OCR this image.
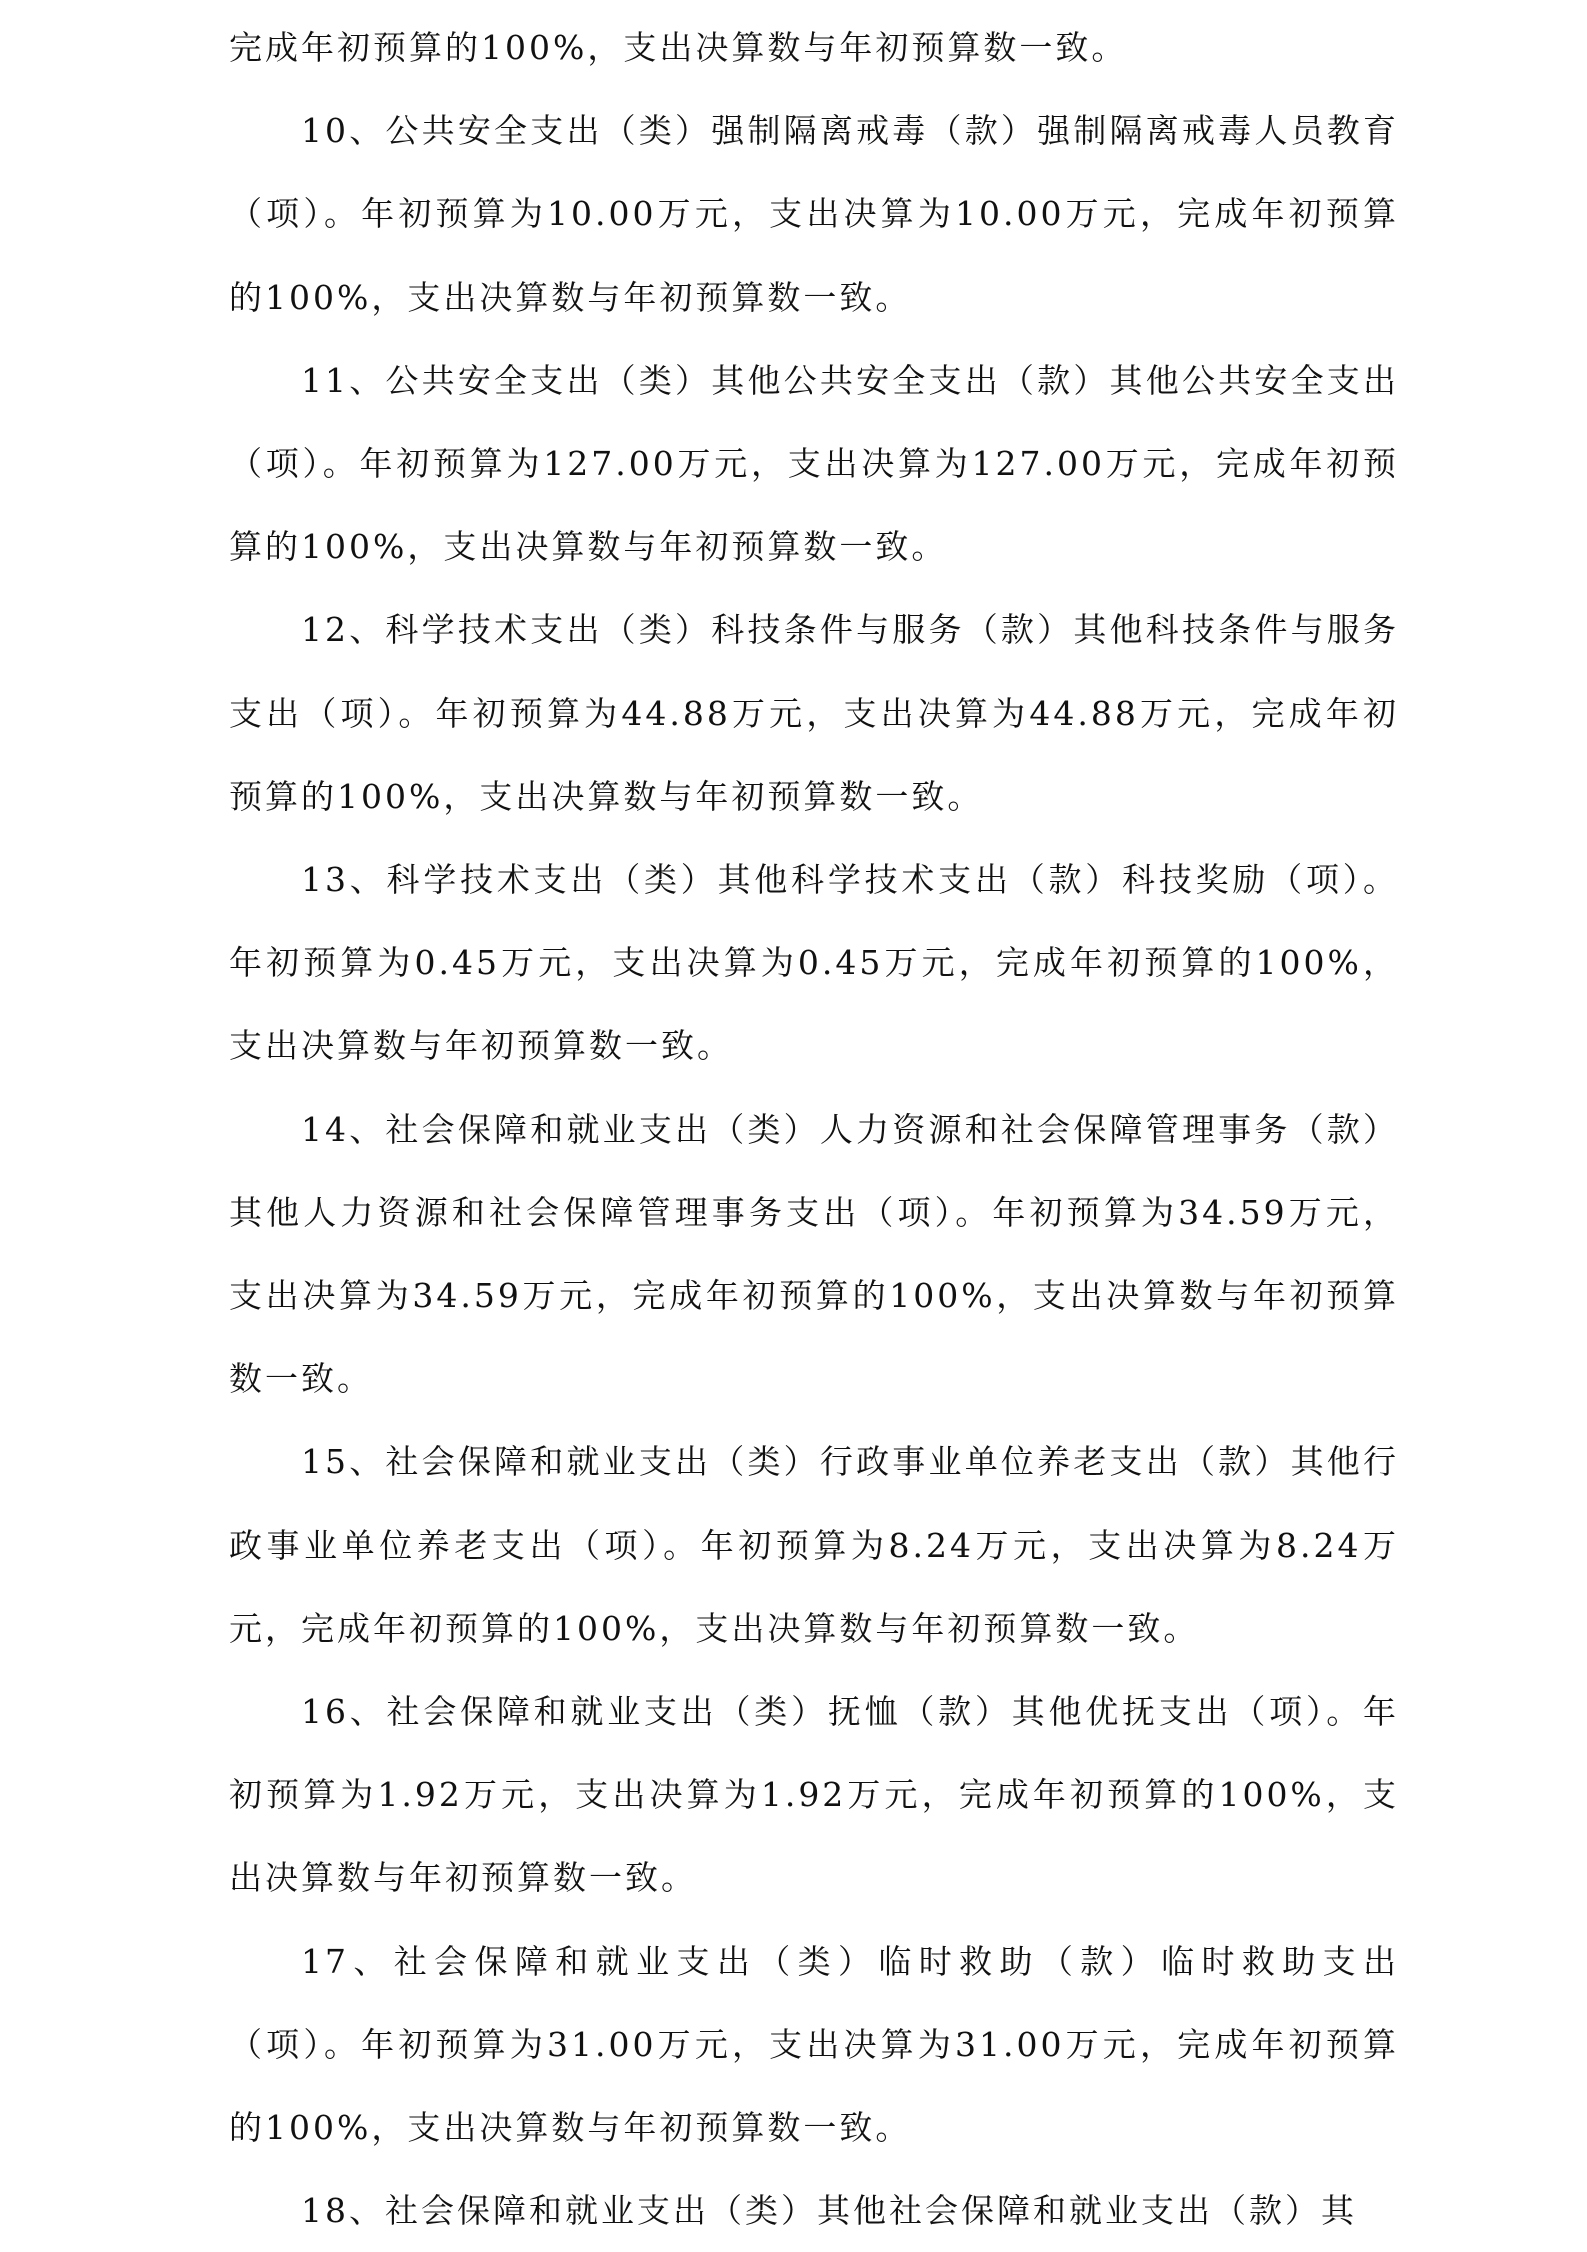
完成年初预算的100%，支出决算数与年初预算数一致。

10、公共安全支出（类）强制隔离戒毒（款）强制隔离戒毒人员教育（项）。年初预算为10.00万元，支出决算为10.00万元，完成年初预算的100%，支出决算数与年初预算数一致。

11、公共安全支出（类）其他公共安全支出（款）其他公共安全支出（项）。年初预算为127.00万元，支出决算为127.00万元，完成年初预算的100%，支出决算数与年初预算数一致。

12、科学技术支出（类）科技条件与服务（款）其他科技条件与服务支出（项）。年初预算为44.88万元，支出决算为44.88万元，完成年初预算的100%，支出决算数与年初预算数一致。

13、科学技术支出（类）其他科学技术支出（款）科技奖励（项）。年初预算为0.45万元，支出决算为0.45万元，完成年初预算的100%，支出决算数与年初预算数一致。

14、社会保障和就业支出（类）人力资源和社会保障管理事务（款）其他人力资源和社会保障管理事务支出（项）。年初预算为34.59万元，支出决算为34.59万元，完成年初预算的100%，支出决算数与年初预算数一致。

15、社会保障和就业支出（类）行政事业单位养老支出（款）其他行政事业单位养老支出（项）。年初预算为8.24万元，支出决算为8.24万元，完成年初预算的100%，支出决算数与年初预算数一致。

16、社会保障和就业支出（类）抚恤（款）其他优抚支出（项）。年初预算为1.92万元，支出决算为1.92万元，完成年初预算的100%，支出决算数与年初预算数一致。

17、社会保障和就业支出（类）临时救助（款）临时救助支出（项）。年初预算为31.00万元，支出决算为31.00万元，完成年初预算的100%，支出决算数与年初预算数一致。

18、社会保障和就业支出（类）其他社会保障和就业支出（款）其
